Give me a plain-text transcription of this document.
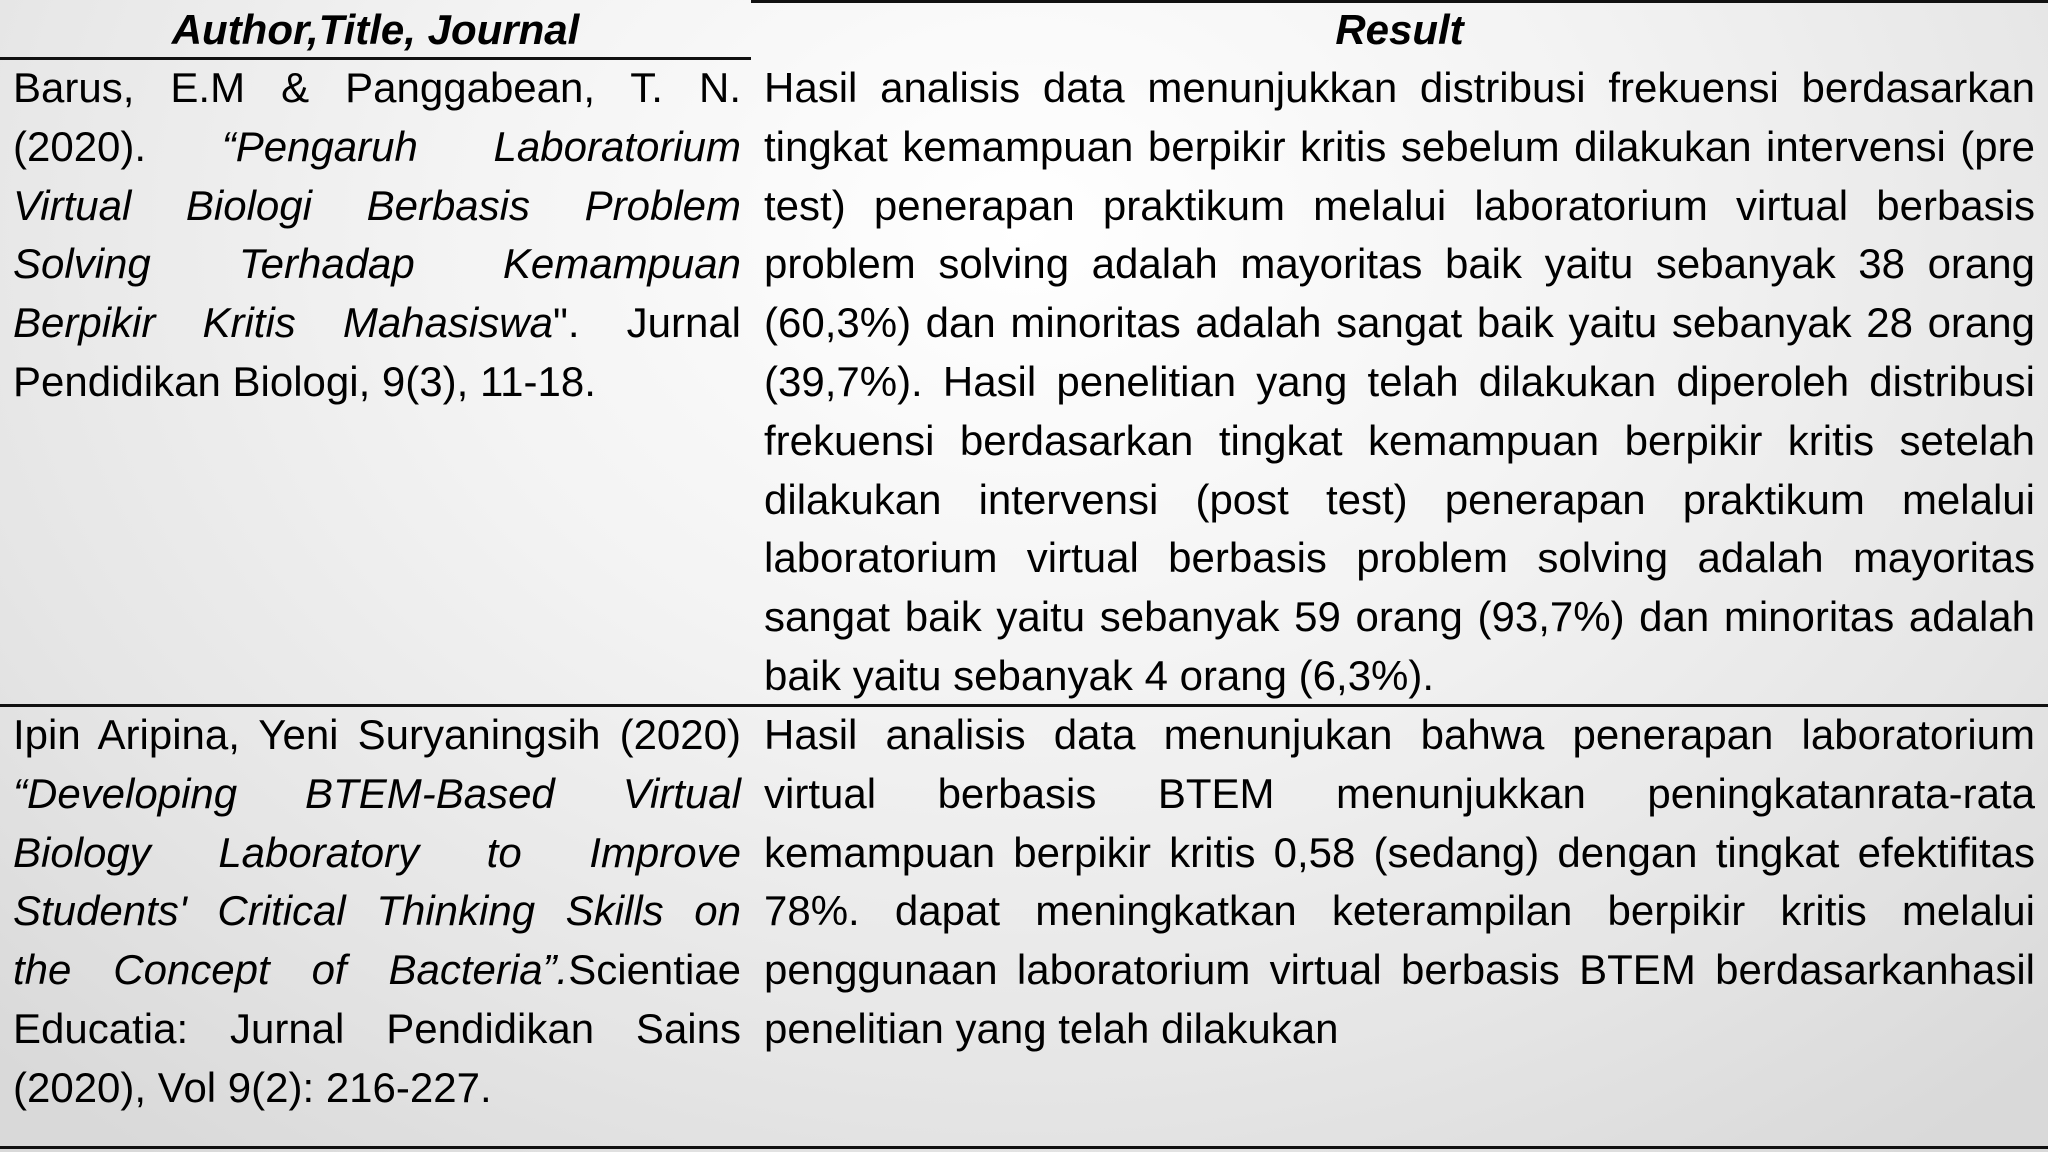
Author,Title, Journal	Result
Barus, E.M & Panggabean, T. N.
(2020). “Pengaruh Laboratorium
Virtual Biologi Berbasis Problem
Solving Terhadap Kemampuan
Berpikir Kritis Mahasiswa". Jurnal
Pendidikan Biologi, 9(3), 11-18.
Hasil analisis data menunjukkan distribusi frekuensi berdasarkan
tingkat kemampuan berpikir kritis sebelum dilakukan intervensi (pre
test) penerapan praktikum melalui laboratorium virtual berbasis
problem solving adalah mayoritas baik yaitu sebanyak 38 orang
(60,3%) dan minoritas adalah sangat baik yaitu sebanyak 28 orang
(39,7%). Hasil penelitian yang telah dilakukan diperoleh distribusi
frekuensi berdasarkan tingkat kemampuan berpikir kritis setelah
dilakukan intervensi (post test) penerapan praktikum melalui
laboratorium virtual berbasis problem solving adalah mayoritas
sangat baik yaitu sebanyak 59 orang (93,7%) dan minoritas adalah
baik yaitu sebanyak 4 orang (6,3%).
Ipin Aripina, Yeni Suryaningsih (2020)
“Developing BTEM-Based Virtual
Biology Laboratory to Improve
Students' Critical Thinking Skills on
the Concept of Bacteria”.Scientiae
Educatia: Jurnal Pendidikan Sains
(2020), Vol 9(2): 216-227.
Hasil analisis data menunjukan bahwa penerapan laboratorium
virtual berbasis BTEM menunjukkan peningkatanrata-rata
kemampuan berpikir kritis 0,58 (sedang) dengan tingkat efektifitas
78%. dapat meningkatkan keterampilan berpikir kritis melalui
penggunaan laboratorium virtual berbasis BTEM berdasarkanhasil
penelitian yang telah dilakukan
